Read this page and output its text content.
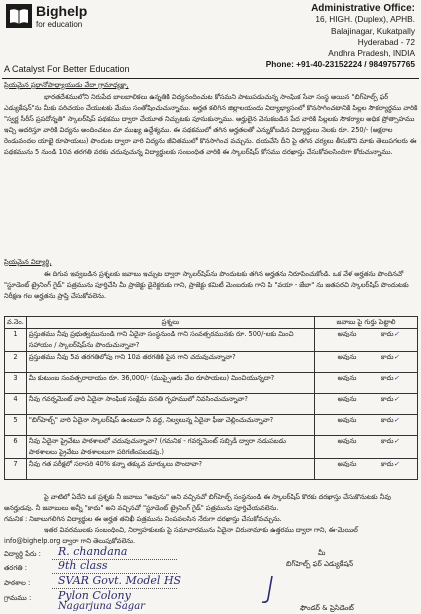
Bighelp
for education
A Catalyst For Better Education
Administrative Office:
16, HIGH. (Duplex), APHB.
Balajinagar, Kukatpally
Hyderabad - 72
Andhra Pradesh, INDIA
Phone: +91-40-23152224 / 9849757765
ప్రియమైన ప్రధానోపాధ్యాయుడు వేదా గ్రామాధ్యక్షా,
భారతదేశములోని నిరుపేద బాలబాలికలు ఉన్నతికి విద్యనందించుట కోసమని పాటుపడుచున్న సాంఘిక సేవా సంస్థ అయిన "బిగ్‌హెల్ప్ ఫర్ ఎడ్యుకేషన్"ను మీకు పరిచయం చేయుటకు మేము సంతోషించుచున్నాము. అర్హత కలిగిన జిల్లాలయందు విద్యాభ్యాసంలో కొనసాగించటానికి పిల్లల సౌకర్యార్థము వారికి "స్వర్ణ సీరీస్ ప్రపదోన్నతి" స్కాలర్‌షిప్ పథకము ద్వారా చేయూత నిచ్చుటకు పూనుకున్నాము. అర్హులైన వెనుకబడిన పేద వారికి పిల్లలకు సౌకర్యాల అధిక ప్రోత్సాహము ఇచ్చి ఆదరిస్తూ వారికి విద్యను అందించటం మా ముఖ్య ఉద్దేశ్యము. ఈ పథకములో తగిన అర్హతలతో ఎన్నుకోబడిన విద్యార్థులు నెలకు రూ. 250/- (అక్షరాల రెండువందల యాభై రూపాయలు) పొందుట ద్వారా వారి విద్యను జీవితములో కొనసాగించ వచ్చును. దయచేసి దీని పై తగిన చర్యలు తీసుకొని మాకు తెలుపగలరు ఈ పథకమును 5 నుండి 10వ తరగతి వరకు చదువుచున్న విద్యార్థులకు సంబంధిత వారికి ఈ స్కాలర్‌షిప్ కోసము దరఖాస్తు చేసుకోవలసిందిగా కోరుచున్నాము.
ప్రియమైన విద్యార్థి,
ఈ దిగువ ఇవ్వబడిన ప్రశ్నలకు జవాబు ఇచ్చుట ద్వారా స్కాలర్‌షిప్‌ను పొందుటకు తగిన అర్హతను నిరూపించుకోండి. ఒక వేళ అర్హతను పొందినచో "స్టూడెంట్ ట్రైనింగ్ గైడ్" పత్రమును పూర్తిచేసి మీ ప్రాజెక్టు డైరెక్టరుకు గాని, ప్రాజెక్టు కమిటీ మెంబరుకు గాని పి "వయా - జేబా" ను జతపరచి స్కాలర్‌షిప్ పొందుటకు నిరీక్షణ గల అర్హతను ప్రాప్తి చేసుకోవలెను.
వ.నెం.	ప్రశ్నలు	జవాబు పై గుర్తు పెట్టాలి
1	ప్రస్తుతము నీవు ప్రభుత్వమునుండి గాని ఏదైనా సంస్థనుండి గాని సంవత్సరమునకు రూ. 500/-లకు మించి సహాయం / స్కాలర్‌షిప్‌ను పొందుచున్నావా?	అవును కాదు✓
2	ప్రస్తుతము నీవు 5వ తరగతిలోపు గాని 10వ తరగతికి పైన గాని చదువుచున్నావా?	అవును కాదు✓
3	మీ కుటుంబ సంవత్సరాదాయం రూ. 36,000/- (ముప్పైఆరు వేల రూపాయలు) మించియున్నదా?	అవును కాదు✓
4	నీవు గవర్నమెంట్ వారి ఏదైనా సాంఘిక సంక్షేమ వసతి గృహములో నివసించుచున్నావా?	అవును కాదు✓
5	"బిగ్‌హెల్ప్" వారి ఏదైనా స్కాలర్‌షిప్ ఉంటుదా నీ వద్ద, నిల్వలున్న ఏదైనా ఫీజు చెల్లించుచున్నావా?	అవును కాదు✓
6	నీవు ఏదైనా ప్రైవేటు పాఠశాలలో చదువుచున్నావా? (గమనిక - గవర్నమెంట్ సబ్సిడీ ద్వారా నడుపబడు పాఠశాలలు ప్రైవేటు పాఠశాలలుగా పరిగణింపబడవు.)	అవును కాదు✓
7	నీవు గత పరీక్షలో సరాసరి 40% కన్నా తక్కువ మార్కులు పొందావా?	అవును కాదు✓
పై వాటిలో ఏదేని ఒక ప్రశ్నకు నీ జవాబు "అవును" అని వచ్చినచో బిగ్‌హెల్ప్ సంస్థనుండి ఈ స్కాలర్‌షిప్ కొరకు దరఖాస్తు చేసుకొనుటకు నీవు అనర్హుడవు. నీ జవాబులు అన్నీ "కాదు" అని వచ్చినచో "స్టూడెంట్ ట్రైనింగ్ గైడ్" పత్రమును పూర్తిచేయవలెను.
గమనిక : నిజాలుగలిగిన విద్యార్థుల ఈ అర్హత తనిఖీ పత్రమును నింపవలసిన నేరుగా దరఖాస్తు చేసుకోవచ్చును.
ఇతర వివరములకు సంబంధించి, నిర్వాహకులకు పై సమాచారమును ఏదైనా చిరునామాకు ఉత్తరము ద్వారా గాని, ఈ-మెయిల్
info@bighelp.org ద్వారా గాని తెలుపుకోవలెను.
విద్యార్థి పేరు : R. chandana
తరగతి :	9th class
పాఠశాల :	SVAR Govt. Model HS
గ్రామము : Pylon Colony
Nagarjuna Sagar
మీ
బిగ్‌హెల్ప్ ఫర్ ఎడ్యుకేషన్
ఫౌండర్ & ప్రెసిడెంట్
